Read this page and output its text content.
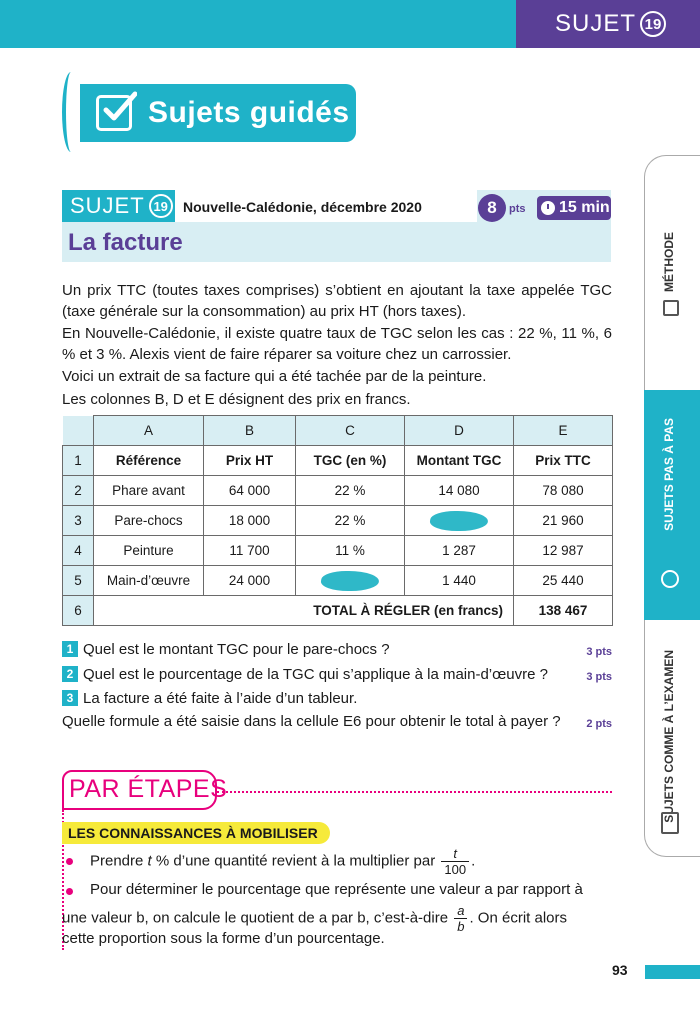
SUJET 19
Sujets guidés
SUJET 19	Nouvelle-Calédonie, décembre 2020	8	pts 15 min
La facture
Un prix TTC (toutes taxes comprises) s’obtient en ajoutant la taxe appelée TGC (taxe générale sur la consommation) au prix HT (hors taxes).
En Nouvelle-Calédonie, il existe quatre taux de TGC selon les cas : 22 %, 11 %, 6 % et 3 %. Alexis vient de faire réparer sa voiture chez un carrossier.
Voici un extrait de sa facture qui a été tachée par de la peinture.
Les colonnes B, D et E désignent des prix en francs.
	A	B	C	D	E
1	Référence	Prix HT	TGC (en %)	Montant TGC	Prix TTC
2	Phare avant	64 000	22 %	14 080	78 080
3	Pare-chocs	18 000	22 %		21 960
4	Peinture	11 700	11 %	1 287	12 987
5	Main-d’œuvre	24 000		1 440	25 440
6	TOTAL À RÉGLER (en francs)				138 467
1 Quel est le montant TGC pour le pare-chocs ?	3 pts
2 Quel est le pourcentage de la TGC qui s’applique à la main-d’œuvre ?	3 pts
3 La facture a été faite à l’aide d’un tableur.
Quelle formule a été saisie dans la cellule E6 pour obtenir le total à payer ? 2 pts
PAR ÉTAPES
LES CONNAISSANCES À MOBILISER
Prendre t % d’une quantité revient à la multiplier par $\frac{t}{100}$ .
Pour déterminer le pourcentage que représente une valeur a par rapport à
une valeur b, on calcule le quotient de a par b, c’est-à-dire $\frac{a}{b}$ . On écrit alors
cette proportion sous la forme d’un pourcentage.
MÉTHODE
SUJETS PAS À PAS
SUJETS COMME À L’EXAMEN
93
